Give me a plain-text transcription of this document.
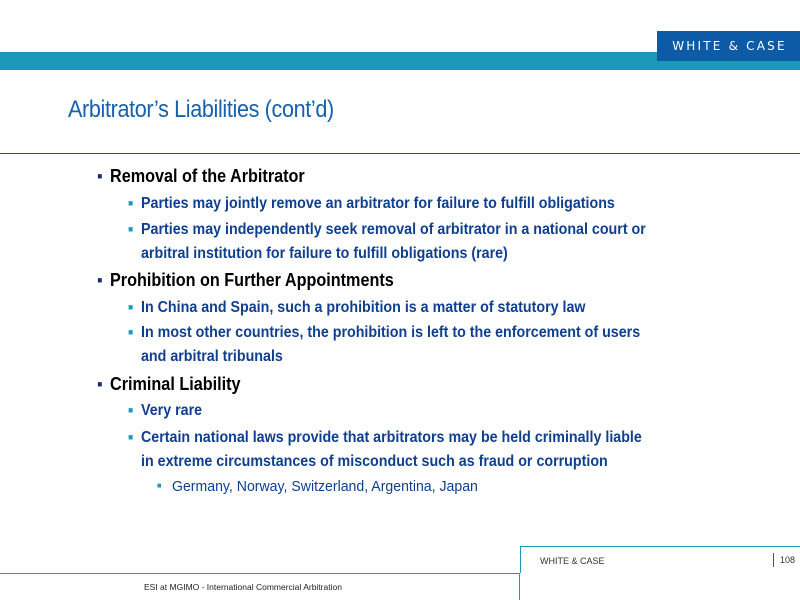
WHITE & CASE
Arbitrator’s Liabilities (cont’d)
■ Removal of the Arbitrator
■ Parties may jointly remove an arbitrator for failure to fulfill obligations
■ Parties may independently seek removal of arbitrator in a national court or
arbitral institution for failure to fulfill obligations (rare)
■ Prohibition on Further Appointments
■ In China and Spain, such a prohibition is a matter of statutory law
■ In most other countries, the prohibition is left to the enforcement of users
and arbitral tribunals
■ Criminal Liability
■ Very rare
■ Certain national laws provide that arbitrators may be held criminally liable
in extreme circumstances of misconduct such as fraud or corruption
■ Germany, Norway, Switzerland, Argentina, Japan
WHITE & CASE	108
ESI at MGIMO - International Commercial Arbitration
